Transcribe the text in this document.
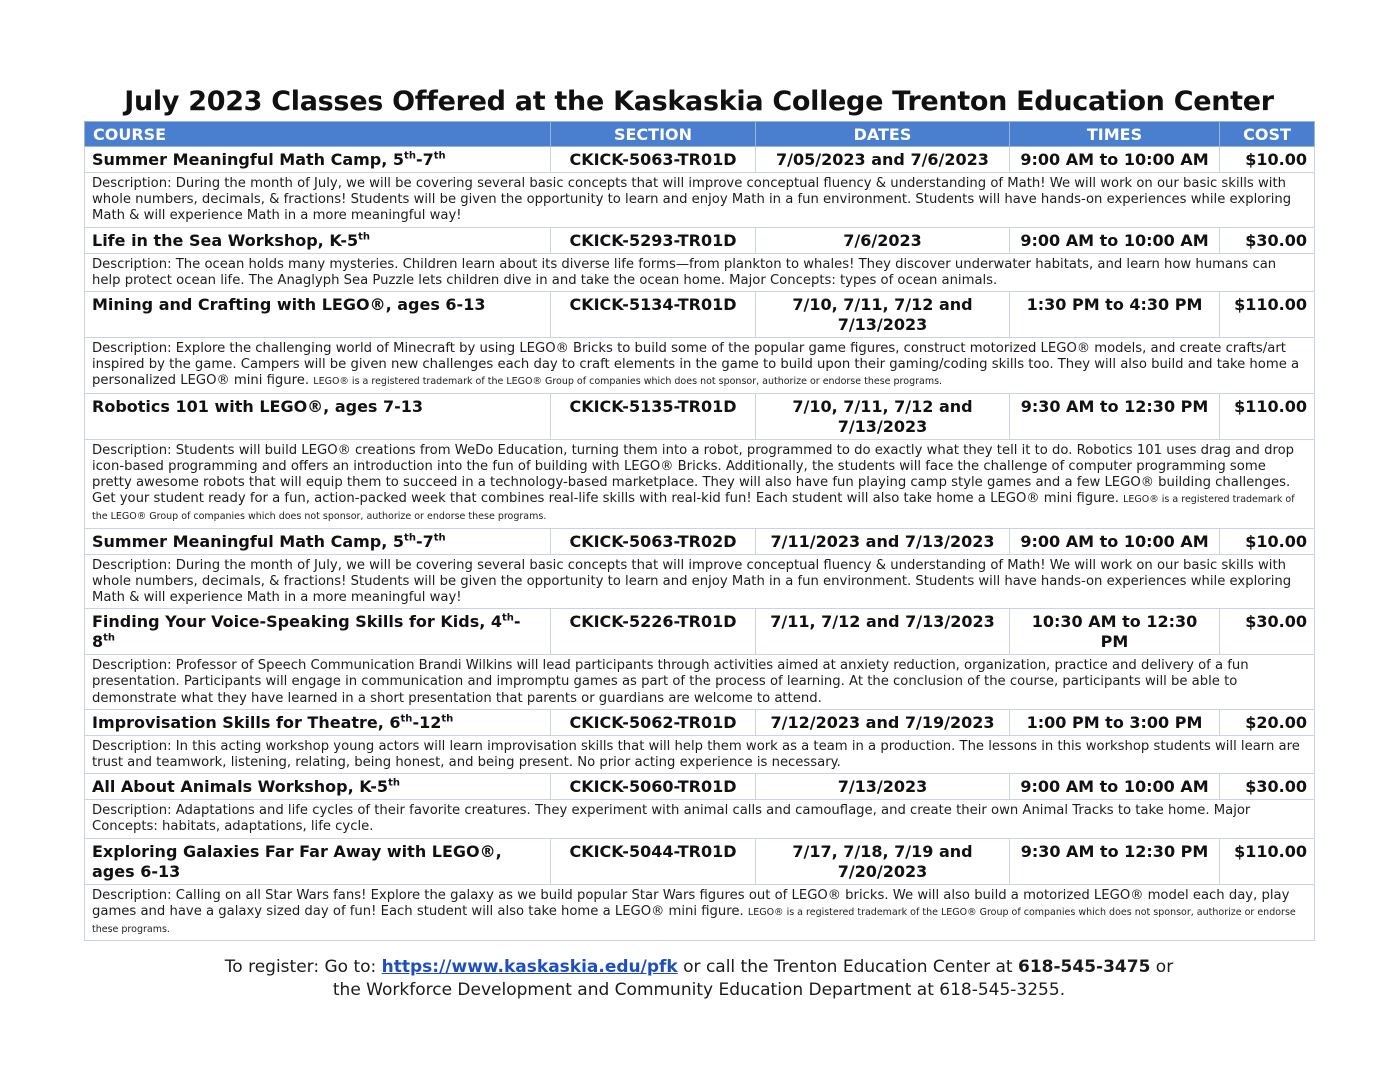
July 2023 Classes Offered at the Kaskaskia College Trenton Education Center
COURSE	SECTION	DATES	TIMES	COST
Summer Meaningful Math Camp, 5th-7th	CKICK-5063-TR01D	7/05/2023 and 7/6/2023	9:00 AM to 10:00 AM	$10.00
Description: During the month of July, we will be covering several basic concepts that will improve conceptual fluency & understanding of Math! We will work on our basic skills with whole numbers, decimals, & fractions! Students will be given the opportunity to learn and enjoy Math in a fun environment. Students will have hands-on experiences while exploring Math & will experience Math in a more meaningful way!				
Life in the Sea Workshop, K-5th	CKICK-5293-TR01D	7/6/2023	9:00 AM to 10:00 AM	$30.00
Description: The ocean holds many mysteries. Children learn about its diverse life forms—from plankton to whales! They discover underwater habitats, and learn how humans can help protect ocean life. The Anaglyph Sea Puzzle lets children dive in and take the ocean home. Major Concepts: types of ocean animals.				
Mining and Crafting with LEGO®, ages 6-13	CKICK-5134-TR01D	7/10, 7/11, 7/12 and 7/13/2023	1:30 PM to 4:30 PM	$110.00
Description: Explore the challenging world of Minecraft by using LEGO® Bricks to build some of the popular game figures, construct motorized LEGO® models, and create crafts/art inspired by the game. Campers will be given new challenges each day to craft elements in the game to build upon their gaming/coding skills too. They will also build and take home a personalized LEGO® mini figure. LEGO® is a registered trademark of the LEGO® Group of companies which does not sponsor, authorize or endorse these programs.				
Robotics 101 with LEGO®, ages 7-13	CKICK-5135-TR01D	7/10, 7/11, 7/12 and 7/13/2023	9:30 AM to 12:30 PM	$110.00
Description: Students will build LEGO® creations from WeDo Education, turning them into a robot, programmed to do exactly what they tell it to do. Robotics 101 uses drag and drop icon-based programming and offers an introduction into the fun of building with LEGO® Bricks. Additionally, the students will face the challenge of computer programming some pretty awesome robots that will equip them to succeed in a technology-based marketplace. They will also have fun playing camp style games and a few LEGO® building challenges. Get your student ready for a fun, action-packed week that combines real-life skills with real-kid fun! Each student will also take home a LEGO® mini figure. LEGO® is a registered trademark of the LEGO® Group of companies which does not sponsor, authorize or endorse these programs.				
Summer Meaningful Math Camp, 5th-7th	CKICK-5063-TR02D	7/11/2023 and 7/13/2023	9:00 AM to 10:00 AM	$10.00
Description: During the month of July, we will be covering several basic concepts that will improve conceptual fluency & understanding of Math! We will work on our basic skills with whole numbers, decimals, & fractions! Students will be given the opportunity to learn and enjoy Math in a fun environment. Students will have hands-on experiences while exploring Math & will experience Math in a more meaningful way!				
Finding Your Voice-Speaking Skills for Kids, 4th-8th	CKICK-5226-TR01D	7/11, 7/12 and 7/13/2023	10:30 AM to 12:30 PM	$30.00
Description: Professor of Speech Communication Brandi Wilkins will lead participants through activities aimed at anxiety reduction, organization, practice and delivery of a fun presentation. Participants will engage in communication and impromptu games as part of the process of learning. At the conclusion of the course, participants will be able to demonstrate what they have learned in a short presentation that parents or guardians are welcome to attend.				
Improvisation Skills for Theatre, 6th-12th	CKICK-5062-TR01D	7/12/2023 and 7/19/2023	1:00 PM to 3:00 PM	$20.00
Description: In this acting workshop young actors will learn improvisation skills that will help them work as a team in a production. The lessons in this workshop students will learn are trust and teamwork, listening, relating, being honest, and being present. No prior acting experience is necessary.				
All About Animals Workshop, K-5th	CKICK-5060-TR01D	7/13/2023	9:00 AM to 10:00 AM	$30.00
Description: Adaptations and life cycles of their favorite creatures. They experiment with animal calls and camouflage, and create their own Animal Tracks to take home. Major Concepts: habitats, adaptations, life cycle.				
Exploring Galaxies Far Far Away with LEGO®, ages 6-13	CKICK-5044-TR01D	7/17, 7/18, 7/19 and 7/20/2023	9:30 AM to 12:30 PM	$110.00
Description: Calling on all Star Wars fans! Explore the galaxy as we build popular Star Wars figures out of LEGO® bricks. We will also build a motorized LEGO® model each day, play games and have a galaxy sized day of fun! Each student will also take home a LEGO® mini figure. LEGO® is a registered trademark of the LEGO® Group of companies which does not sponsor, authorize or endorse these programs.				
To register: Go to: https://www.kaskaskia.edu/pfk or call the Trenton Education Center at 618-545-3475 or
the Workforce Development and Community Education Department at 618-545-3255.
